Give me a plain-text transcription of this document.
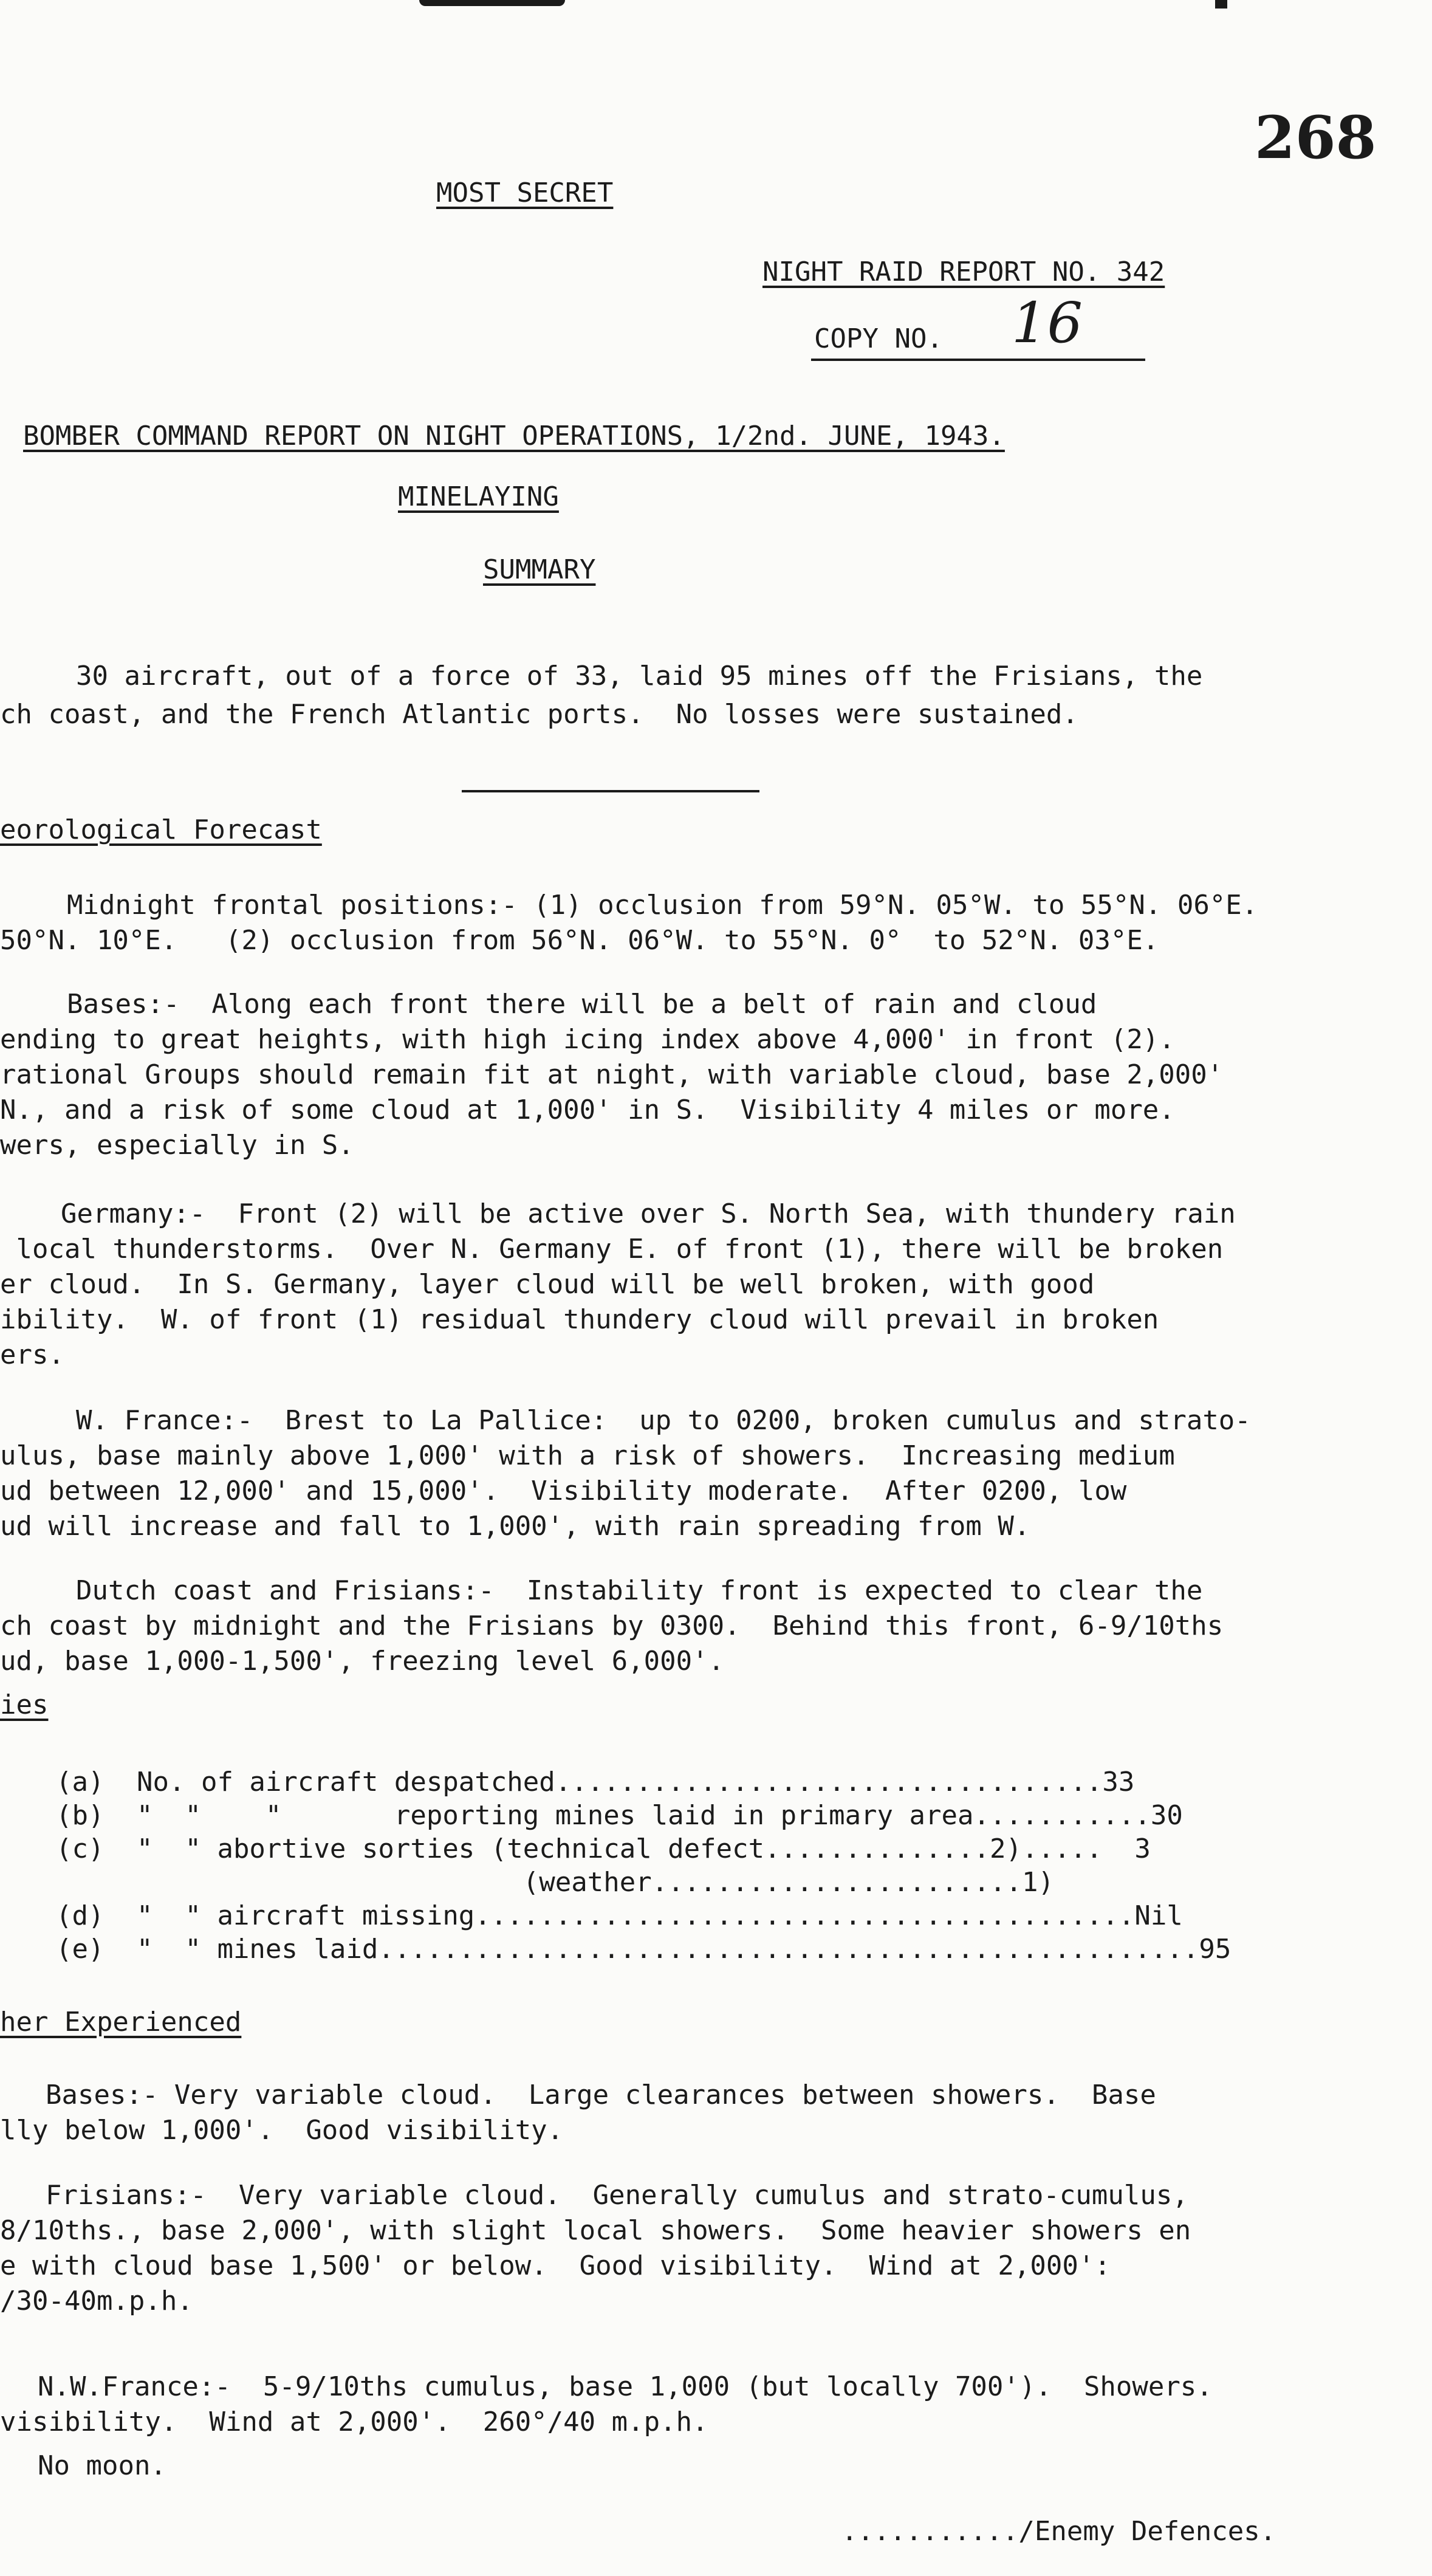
268
MOST SECRET
NIGHT RAID REPORT NO. 342
COPY NO. 16
BOMBER COMMAND REPORT ON NIGHT OPERATIONS, 1/2nd. JUNE, 1943.
MINELAYING
SUMMARY
30 aircraft, out of a force of 33, laid 95 mines off the Frisians, the
ch coast, and the French Atlantic ports.  No losses were sustained.
eorological Forecast
Midnight frontal positions:- (1) occlusion from 59°N. 05°W. to 55°N. 06°E.
50°N. 10°E.   (2) occlusion from 56°N. 06°W. to 55°N. 0°  to 52°N. 03°E.
Bases:-  Along each front there will be a belt of rain and cloud
ending to great heights, with high icing index above 4,000' in front (2).
rational Groups should remain fit at night, with variable cloud, base 2,000'
N., and a risk of some cloud at 1,000' in S.  Visibility 4 miles or more.
wers, especially in S.
Germany:-  Front (2) will be active over S. North Sea, with thundery rain
local thunderstorms.  Over N. Germany E. of front (1), there will be broken
er cloud.  In S. Germany, layer cloud will be well broken, with good
ibility.  W. of front (1) residual thundery cloud will prevail in broken
ers.
W. France:-  Brest to La Pallice:  up to 0200, broken cumulus and strato-
ulus, base mainly above 1,000' with a risk of showers.  Increasing medium
ud between 12,000' and 15,000'.  Visibility moderate.  After 0200, low
ud will increase and fall to 1,000', with rain spreading from W.
Dutch coast and Frisians:-  Instability front is expected to clear the
ch coast by midnight and the Frisians by 0300.  Behind this front, 6-9/10ths
ud, base 1,000-1,500', freezing level 6,000'.
ies
(a) No. of aircraft despatched..................................33
(b) "  "    "       reporting mines laid in primary area...........30
(c) "  " abortive sorties (technical defect..............2).....  3
(weather.......................1)
(d) "  " aircraft missing.........................................Nil
(e) "  " mines laid...................................................95
her Experienced
Bases:- Very variable cloud.  Large clearances between showers.  Base
lly below 1,000'.  Good visibility.
Frisians:-  Very variable cloud.  Generally cumulus and strato-cumulus,
8/10ths., base 2,000', with slight local showers.  Some heavier showers en
e with cloud base 1,500' or below.  Good visibility.  Wind at 2,000':
/30-40m.p.h.
N.W.France:-  5-9/10ths cumulus, base 1,000 (but locally 700').  Showers.
visibility.  Wind at 2,000'.  260°/40 m.p.h.
No moon.
.........../Enemy Defences.
